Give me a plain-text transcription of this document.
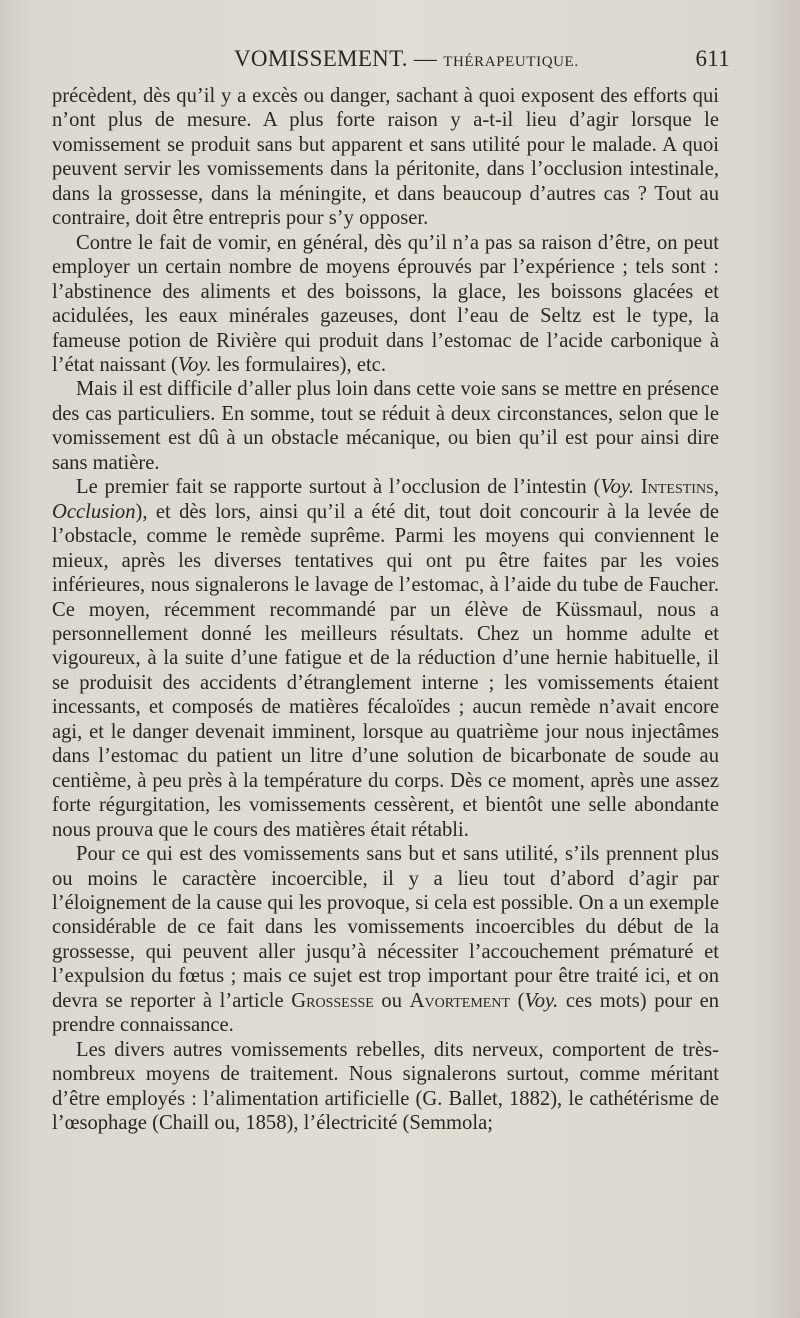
VOMISSEMENT. — THÉRAPEUTIQUE.	611

précèdent, dès qu’il y a excès ou danger, sachant à quoi exposent des efforts qui n’ont plus de mesure. A plus forte raison y a-t-il lieu d’agir lorsque le vomissement se produit sans but apparent et sans utilité pour le malade. A quoi peuvent servir les vomissements dans la péritonite, dans l’occlusion intestinale, dans la grossesse, dans la méningite, et dans beaucoup d’autres cas ? Tout au contraire, doit être entrepris pour s’y opposer.

Contre le fait de vomir, en général, dès qu’il n’a pas sa raison d’être, on peut employer un certain nombre de moyens éprouvés par l’expérience ; tels sont : l’abstinence des aliments et des boissons, la glace, les boissons glacées et acidulées, les eaux minérales gazeuses, dont l’eau de Seltz est le type, la fameuse potion de Rivière qui produit dans l’estomac de l’acide carbonique à l’état naissant (Voy. les formulaires), etc.

Mais il est difficile d’aller plus loin dans cette voie sans se mettre en présence des cas particuliers. En somme, tout se réduit à deux circonstances, selon que le vomissement est dû à un obstacle mécanique, ou bien qu’il est pour ainsi dire sans matière.

Le premier fait se rapporte surtout à l’occlusion de l’intestin (Voy. Intestins, Occlusion), et dès lors, ainsi qu’il a été dit, tout doit concourir à la levée de l’obstacle, comme le remède suprême. Parmi les moyens qui conviennent le mieux, après les diverses tentatives qui ont pu être faites par les voies inférieures, nous signalerons le lavage de l’estomac, à l’aide du tube de Faucher. Ce moyen, récemment recommandé par un élève de Küssmaul, nous a personnellement donné les meilleurs résultats. Chez un homme adulte et vigoureux, à la suite d’une fatigue et de la réduction d’une hernie habituelle, il se produisit des accidents d’étranglement interne ; les vomissements étaient incessants, et composés de matières fécaloïdes ; aucun remède n’avait encore agi, et le danger devenait imminent, lorsque au quatrième jour nous injectâmes dans l’estomac du patient un litre d’une solution de bicarbonate de soude au centième, à peu près à la température du corps. Dès ce moment, après une assez forte régurgitation, les vomissements cessèrent, et bientôt une selle abondante nous prouva que le cours des matières était rétabli.

Pour ce qui est des vomissements sans but et sans utilité, s’ils prennent plus ou moins le caractère incoercible, il y a lieu tout d’abord d’agir par l’éloignement de la cause qui les provoque, si cela est possible. On a un exemple considérable de ce fait dans les vomissements incoercibles du début de la grossesse, qui peuvent aller jusqu’à nécessiter l’accouchement prématuré et l’expulsion du fœtus ; mais ce sujet est trop important pour être traité ici, et on devra se reporter à l’article Grossesse ou Avortement (Voy. ces mots) pour en prendre connaissance.

Les divers autres vomissements rebelles, dits nerveux, comportent de très-nombreux moyens de traitement. Nous signalerons surtout, comme méritant d’être employés : l’alimentation artificielle (G. Ballet, 1882), le cathétérisme de l’œsophage (Chaill ou, 1858), l’électricité (Semmola;
